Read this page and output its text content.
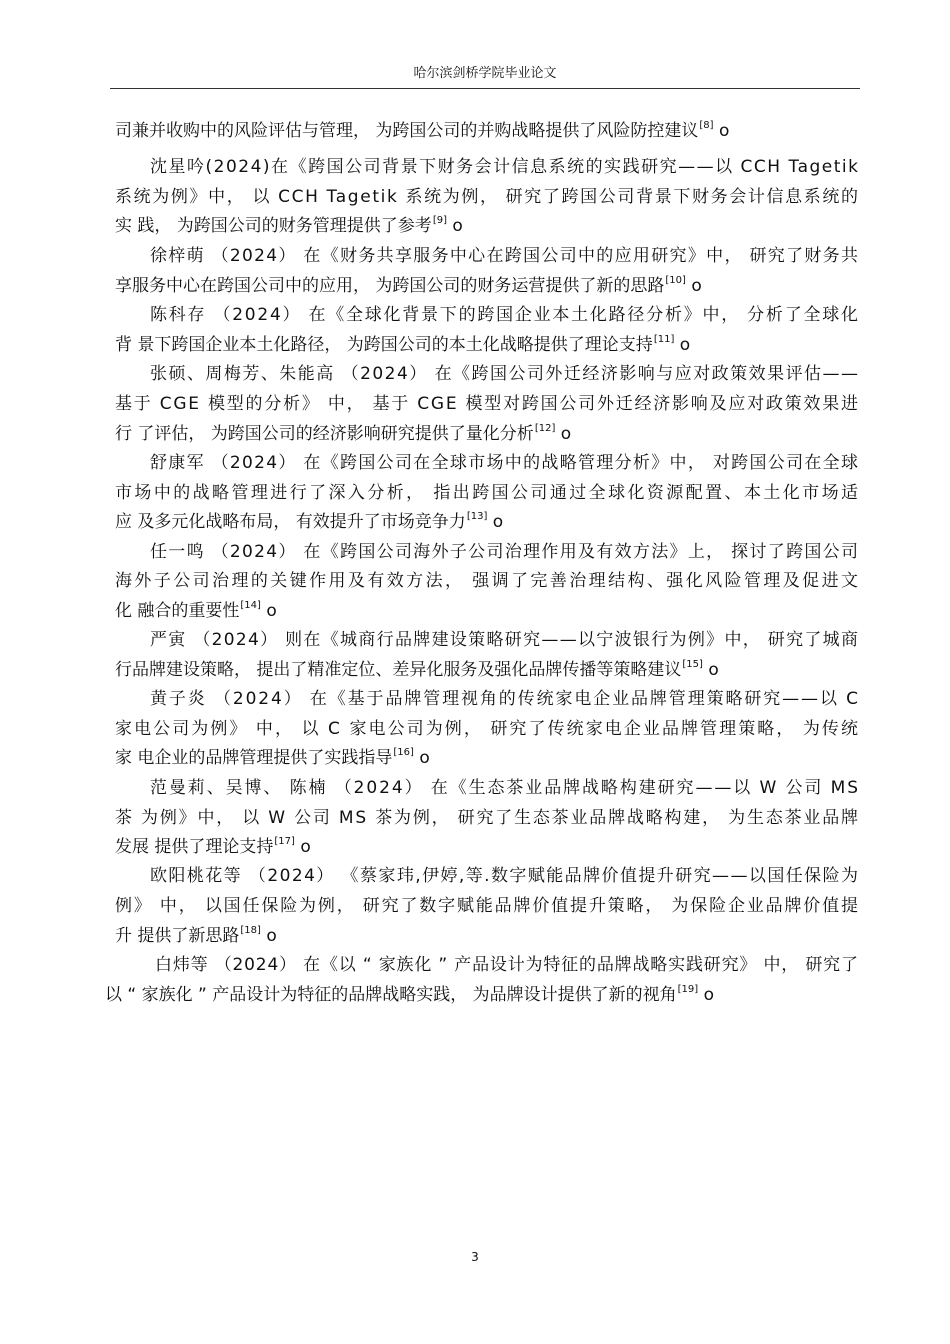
哈尔滨剑桥学院毕业论文
司兼并收购中的风险评估与管理， 为跨国公司的并购战略提供了风险防控建议[8] o
沈星吟(2024)在《跨国公司背景下财务会计信息系统的实践研究——以 CCH Tagetik
系统为例》中， 以 CCH Tagetik 系统为例， 研究了跨国公司背景下财务会计信息系统的
实 践， 为跨国公司的财务管理提供了参考[9] o
徐梓萌 （2024） 在《财务共享服务中心在跨国公司中的应用研究》中， 研究了财务共
享服务中心在跨国公司中的应用， 为跨国公司的财务运营提供了新的思路[10] o
陈科存 （2024） 在《全球化背景下的跨国企业本土化路径分析》中， 分析了全球化
背 景下跨国企业本土化路径， 为跨国公司的本土化战略提供了理论支持[11] o
张硕、周梅芳、朱能高 （2024） 在《跨国公司外迁经济影响与应对政策效果评估——
基于 CGE 模型的分析》 中， 基于 CGE 模型对跨国公司外迁经济影响及应对政策效果进
行 了评估， 为跨国公司的经济影响研究提供了量化分析[12] o
舒康军 （2024） 在《跨国公司在全球市场中的战略管理分析》中， 对跨国公司在全球
市场中的战略管理进行了深入分析， 指出跨国公司通过全球化资源配置、本土化市场适
应 及多元化战略布局， 有效提升了市场竞争力[13] o
任一鸣 （2024） 在《跨国公司海外子公司治理作用及有效方法》上， 探讨了跨国公司
海外子公司治理的关键作用及有效方法， 强调了完善治理结构、强化风险管理及促进文
化 融合的重要性[14] o
严寅 （2024） 则在《城商行品牌建设策略研究——以宁波银行为例》中， 研究了城商
行品牌建设策略， 提出了精准定位、差异化服务及强化品牌传播等策略建议[15] o
黄子炎 （2024） 在《基于品牌管理视角的传统家电企业品牌管理策略研究——以 C
家电公司为例》 中， 以 C 家电公司为例， 研究了传统家电企业品牌管理策略， 为传统
家 电企业的品牌管理提供了实践指导[16] o
范曼莉、吴博、 陈楠 （2024） 在《生态茶业品牌战略构建研究——以 W 公司 MS
茶 为例》中， 以 W 公司 MS 茶为例， 研究了生态茶业品牌战略构建， 为生态茶业品牌
发展 提供了理论支持[17] o
欧阳桃花等 （2024） 《蔡家玮,伊婷,等.数字赋能品牌价值提升研究——以国任保险为
例》 中， 以国任保险为例， 研究了数字赋能品牌价值提升策略， 为保险企业品牌价值提
升 提供了新思路[18] o
白炜等 （2024） 在《以 “ 家族化 ” 产品设计为特征的品牌战略实践研究》 中， 研究了
以 “ 家族化 ” 产品设计为特征的品牌战略实践， 为品牌设计提供了新的视角[19] o
3
